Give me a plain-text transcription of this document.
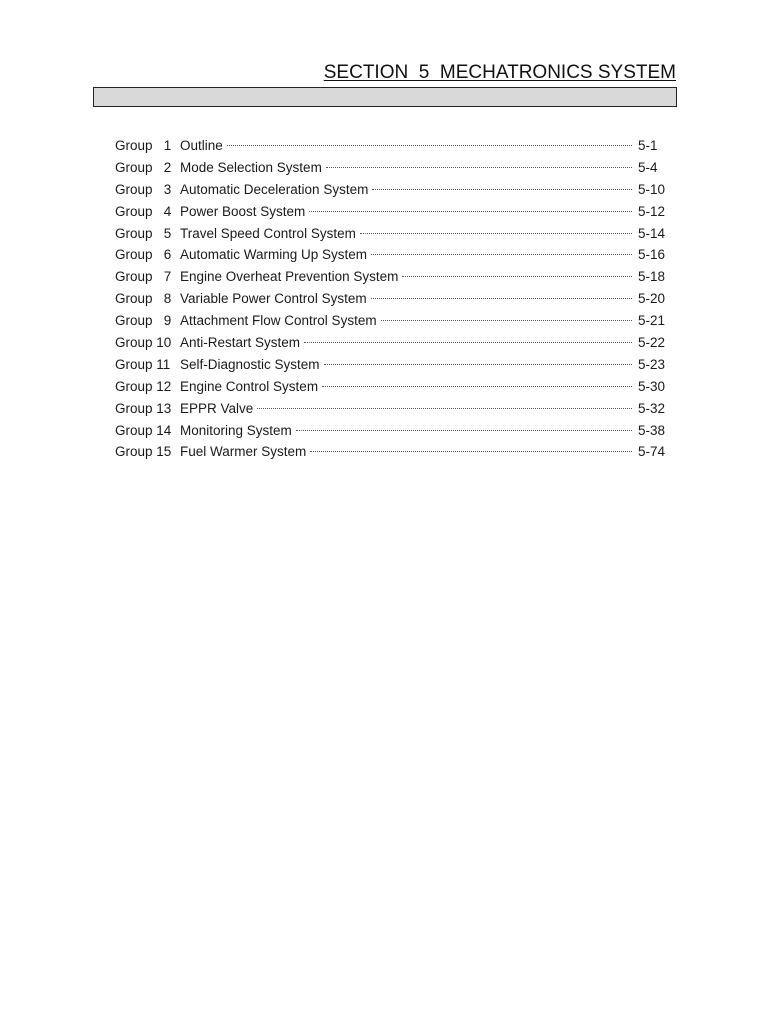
SECTION  5  MECHATRONICS SYSTEM
Group   1 Outline	5-1
Group   2 Mode Selection System	5-4
Group   3 Automatic Deceleration System	5-10
Group   4 Power Boost System	5-12
Group   5 Travel Speed Control System	5-14
Group   6 Automatic Warming Up System	5-16
Group   7 Engine Overheat Prevention System	5-18
Group   8 Variable Power Control System	5-20
Group   9 Attachment Flow Control System	5-21
Group 10 Anti-Restart System	5-22
Group 11 Self-Diagnostic System	5-23
Group 12 Engine Control System	5-30
Group 13 EPPR Valve	5-32
Group 14 Monitoring System	5-38
Group 15 Fuel Warmer System	5-74
